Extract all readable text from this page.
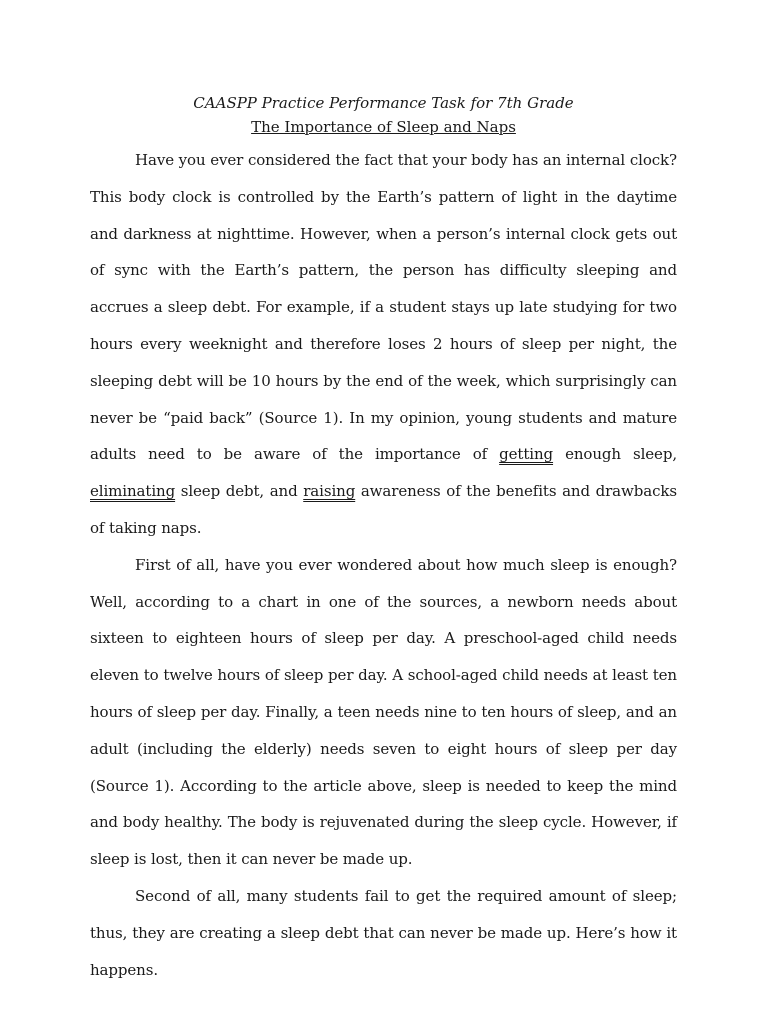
CAASPP Practice Performance Task for 7th Grade

The Importance of Sleep and Naps

Have you ever considered the fact that your body has an internal clock? This body clock is controlled by the Earth’s pattern of light in the daytime and darkness at nighttime. However, when a person’s internal clock gets out of sync with the Earth’s pattern, the person has difficulty sleeping and accrues a sleep debt. For example, if a student stays up late studying for two hours every weeknight and therefore loses 2 hours of sleep per night, the sleeping debt will be 10 hours by the end of the week, which surprisingly can never be “paid back” (Source 1). In my opinion, young students and mature adults need to be aware of the importance of getting enough sleep, eliminating sleep debt, and raising awareness of the benefits and drawbacks of taking naps.

First of all, have you ever wondered about how much sleep is enough? Well, according to a chart in one of the sources, a newborn needs about sixteen to eighteen hours of sleep per day. A preschool-aged child needs eleven to twelve hours of sleep per day. A school-aged child needs at least ten hours of sleep per day. Finally, a teen needs nine to ten hours of sleep, and an adult (including the elderly) needs seven to eight hours of sleep per day (Source 1). According to the article above, sleep is needed to keep the mind and body healthy. The body is rejuvenated during the sleep cycle. However, if sleep is lost, then it can never be made up.

Second of all, many students fail to get the required amount of sleep; thus, they are creating a sleep debt that can never be made up. Here’s how it happens.
